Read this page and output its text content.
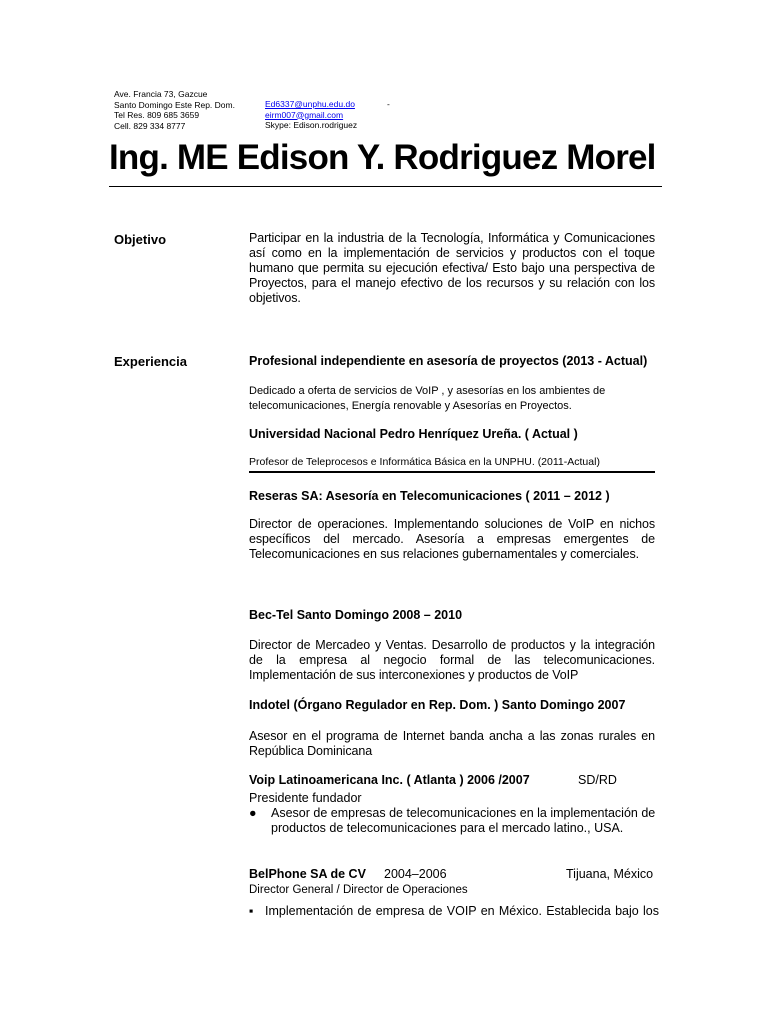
Ave. Francia 73, Gazcue
Santo Domingo Este Rep. Dom.
Tel Res. 809 685 3659
Cell. 829 334 8777
Ed6337@unphu.edu.do
eirm007@gmail.com
Skype: Edison.rodriguez
-
Ing. ME Edison Y. Rodriguez Morel
Objetivo	Participar en la industria de la Tecnología, Informática y Comunicaciones así como en la implementación de servicios y productos con el toque humano que permita su ejecución efectiva/ Esto bajo una perspectiva de Proyectos, para el manejo efectivo de los recursos y su relación con los objetivos.
Experiencia	Profesional independiente en asesoría de proyectos (2013 - Actual)
Dedicado a oferta de servicios de VoIP , y asesorías en los ambientes de telecomunicaciones, Energía renovable y Asesorías en Proyectos.
Universidad Nacional Pedro Henríquez Ureña. ( Actual )
Profesor de Teleprocesos e Informática Básica en la UNPHU. (2011-Actual)
Reseras SA: Asesoría en Telecomunicaciones ( 2011 – 2012 )
Director de operaciones. Implementando soluciones de VoIP en nichos específicos del mercado. Asesoría a empresas emergentes de Telecomunicaciones en sus relaciones gubernamentales y comerciales.
Bec-Tel Santo Domingo 2008 – 2010
Director de Mercadeo y Ventas. Desarrollo de productos y la integración de la empresa al negocio formal de las telecomunicaciones. Implementación de sus interconexiones y productos de VoIP
Indotel (Órgano Regulador en Rep. Dom. ) Santo Domingo 2007
Asesor en el programa de Internet banda ancha a las zonas rurales en República Dominicana
Voip Latinoamericana Inc. ( Atlanta ) 2006 /2007	SD/RD
Presidente fundador
●	Asesor de empresas de telecomunicaciones en la implementación de productos de telecomunicaciones para el mercado latino., USA.
BelPhone SA de CV 2004–2006	Tijuana, México
Director General / Director de Operaciones
▪ Implementación de empresa de VOIP en México. Establecida bajo los
